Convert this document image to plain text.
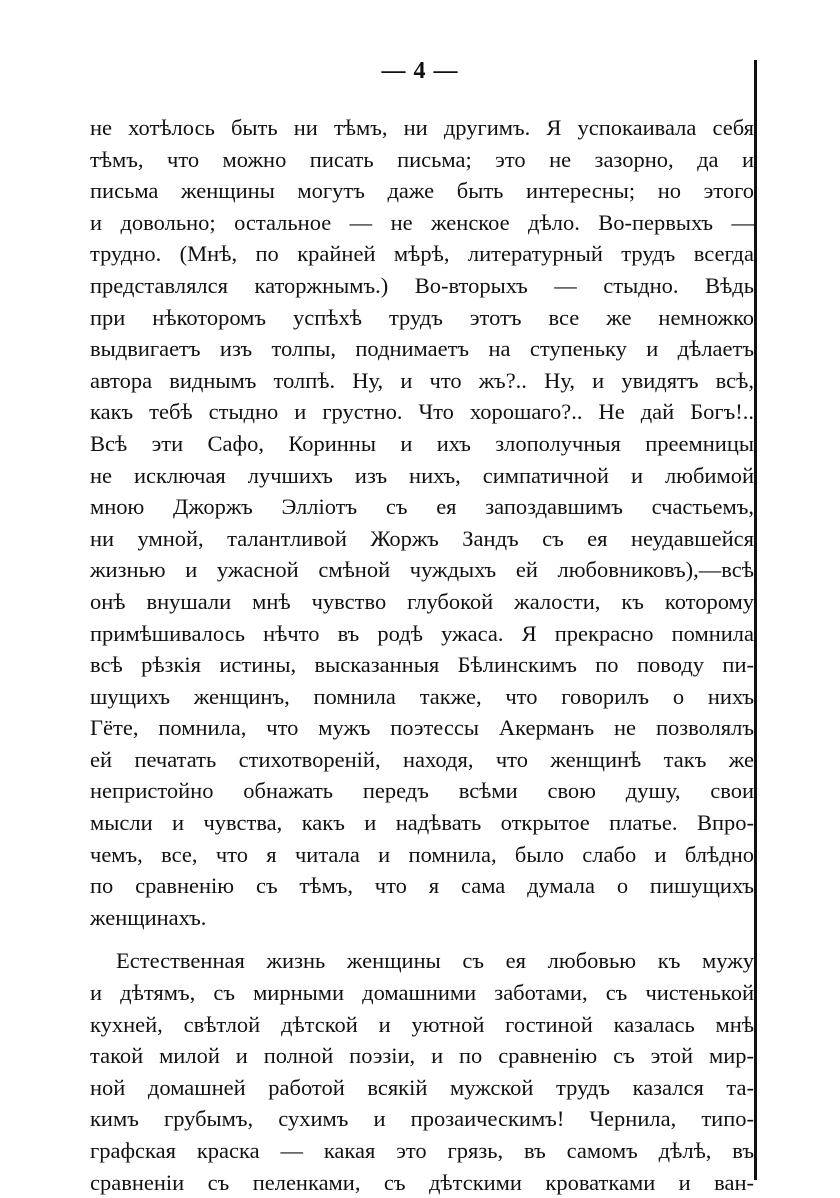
— 4 —
не хотѣлось быть ни тѣмъ, ни другимъ. Я успокаивала себя
тѣмъ, что можно писать письма; это не зазорно, да и
письма женщины могутъ даже быть интересны; но этого
и довольно; остальное — не женское дѣло. Во-первыхъ —
трудно. (Мнѣ, по крайней мѣрѣ, литературный трудъ всегда
представлялся каторжнымъ.) Во-вторыхъ — стыдно. Вѣдь
при нѣкоторомъ успѣхѣ трудъ этотъ все же немножко
выдвигаетъ изъ толпы, поднимаетъ на ступеньку и дѣлаетъ
автора виднымъ толпѣ. Ну, и что жъ?.. Ну, и увидятъ всѣ,
какъ тебѣ стыдно и грустно. Что хорошаго?.. Не дай Богъ!..
Всѣ эти Сафо, Коринны и ихъ злополучныя преемницы
не исключая лучшихъ изъ нихъ, симпатичной и любимой
мною Джоржъ Эллiотъ съ ея запоздавшимъ счастьемъ,
ни умной, талантливой Жоржъ Зандъ съ ея неудавшейся
жизнью и ужасной смѣной чуждыхъ ей любовниковъ),—всѣ
онѣ внушали мнѣ чувство глубокой жалости, къ которому
примѣшивалось нѣчто въ родѣ ужаса. Я прекрасно помнила
всѣ рѣзкiя истины, высказанныя Бѣлинскимъ по поводу пи-
шущихъ женщинъ, помнила также, что говорилъ о нихъ
Гёте, помнила, что мужъ поэтессы Акерманъ не позволялъ
ей печатать стихотворенiй, находя, что женщинѣ такъ же
непристойно обнажать передъ всѣми свою душу, свои
мысли и чувства, какъ и надѣвать открытое платье. Впро-
чемъ, все, что я читала и помнила, было слабо и блѣдно
по сравненiю съ тѣмъ, что я сама думала о пишущихъ
женщинахъ.
Естественная жизнь женщины съ ея любовью къ мужу
и дѣтямъ, съ мирными домашними заботами, съ чистенькой
кухней, свѣтлой дѣтской и уютной гостиной казалась мнѣ
такой милой и полной поэзiи, и по сравненiю съ этой мир-
ной домашней работой всякiй мужской трудъ казался та-
кимъ грубымъ, сухимъ и прозаическимъ! Чернила, типо-
графская краска — какая это грязь, въ самомъ дѣлѣ, въ
сравненiи съ пеленками, съ дѣтскими кроватками и ван-
